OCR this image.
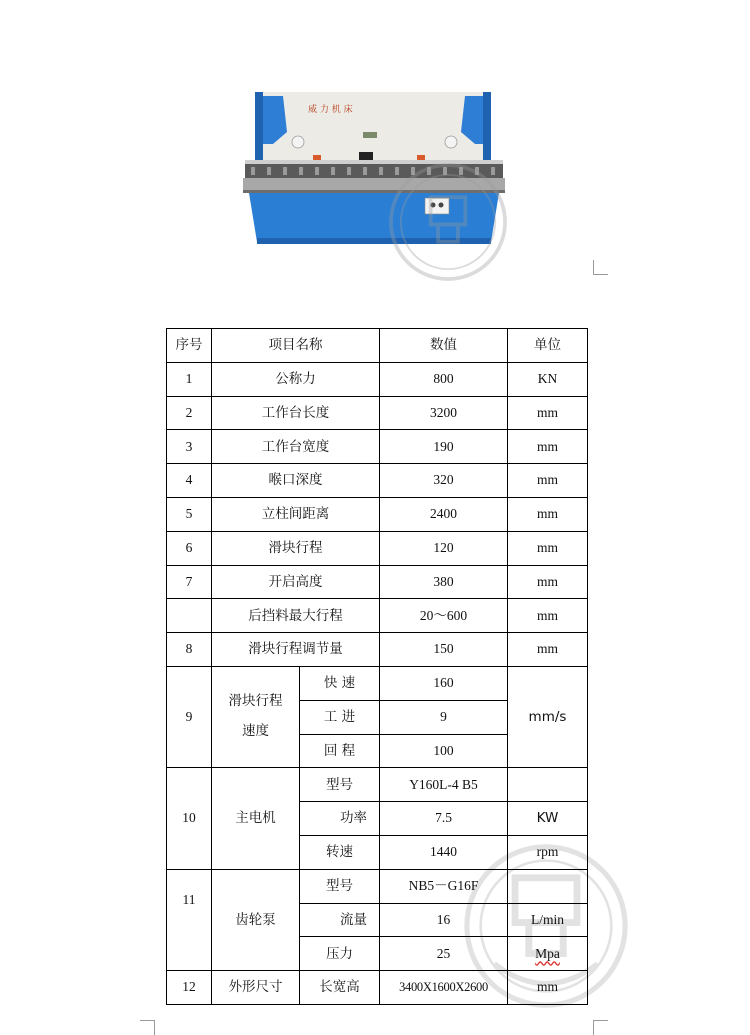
威 力 机 床
序号	项目名称		数值	单位
1	公称力		800	KN
2	工作台长度		3200	mm
3	工作台宽度		190	mm
4	喉口深度		320	mm
5	立柱间距离		2400	mm
6	滑块行程		120	mm
7	开启高度		380	mm
	后挡料最大行程		20～600	mm
8	滑块行程调节量		150	mm
9	滑块行程速度	快 速	160	mm/s
		工 进	9	
		回 程	100	
10	主电机	型号	Y160L-4 B5	
		功率	7.5	KW
		转速	1440	rpm
11	齿轮泵	型号	NB5－G16F	
		流量	16	L/min
		压力	25	Mpa
12	外形尺寸	长宽高	3400X1600X2600	mm
